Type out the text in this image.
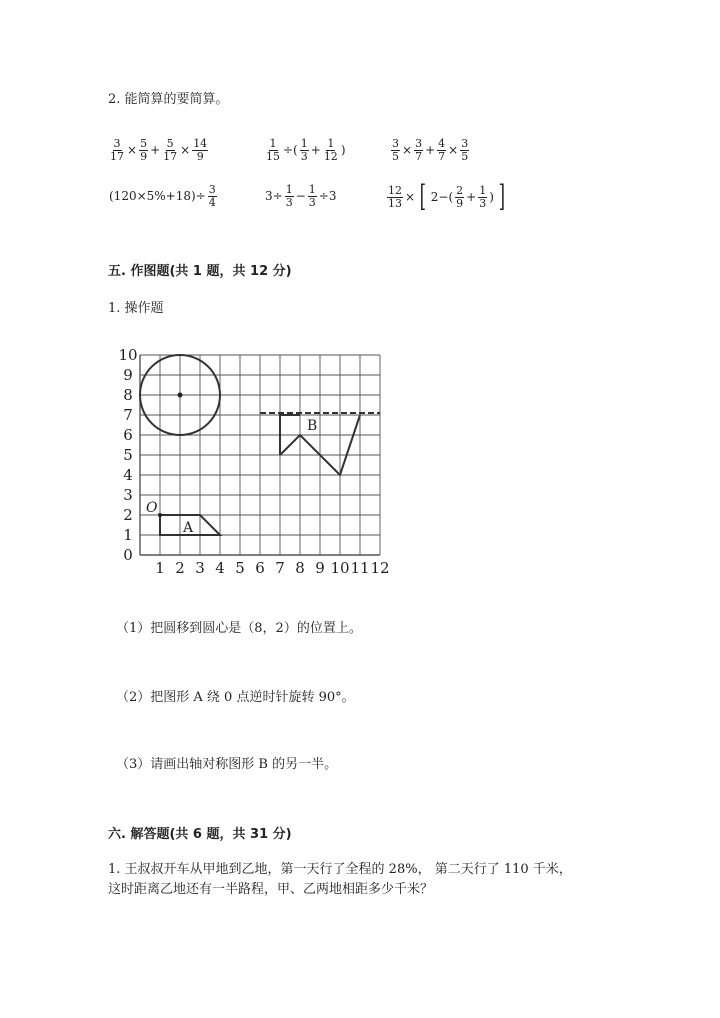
2. 能简算的要简算。
$\frac{3}{17} \times \frac{5}{9} + \frac{5}{17} \times \frac{14}{9}$	$\frac{1}{15}$ ÷( $\frac{1}{3} + \frac{1}{12}$ )	$\frac{3}{5} \times \frac{3}{7} + \frac{4}{7} \times \frac{3}{5}$
$(120\times 5\%+18)\div \frac{3}{4}$	$3\div \frac{1}{3} - \frac{1}{3} \div 3$	$\frac{12}{13}$ × [ $2-( \frac{2}{9} + \frac{1}{3}$ ) ]
五. 作图题(共 1 题，共 12 分)
1. 操作题
0
1
2
3
4
5
6
7
8
9
10
1 2 3 4 5 6 7 8 9 10 11 12
O
A
B
（1）把圆移到圆心是（8，2）的位置上。
（2）把图形 A 绕 0 点逆时针旋转 90°。
（3）请画出轴对称图形 B 的另一半。
六. 解答题(共 6 题，共 31 分)
1. 王叔叔开车从甲地到乙地，第一天行了全程的 28%， 第二天行了 110 千米，
这时距离乙地还有一半路程，甲、乙两地相距多少千米？
